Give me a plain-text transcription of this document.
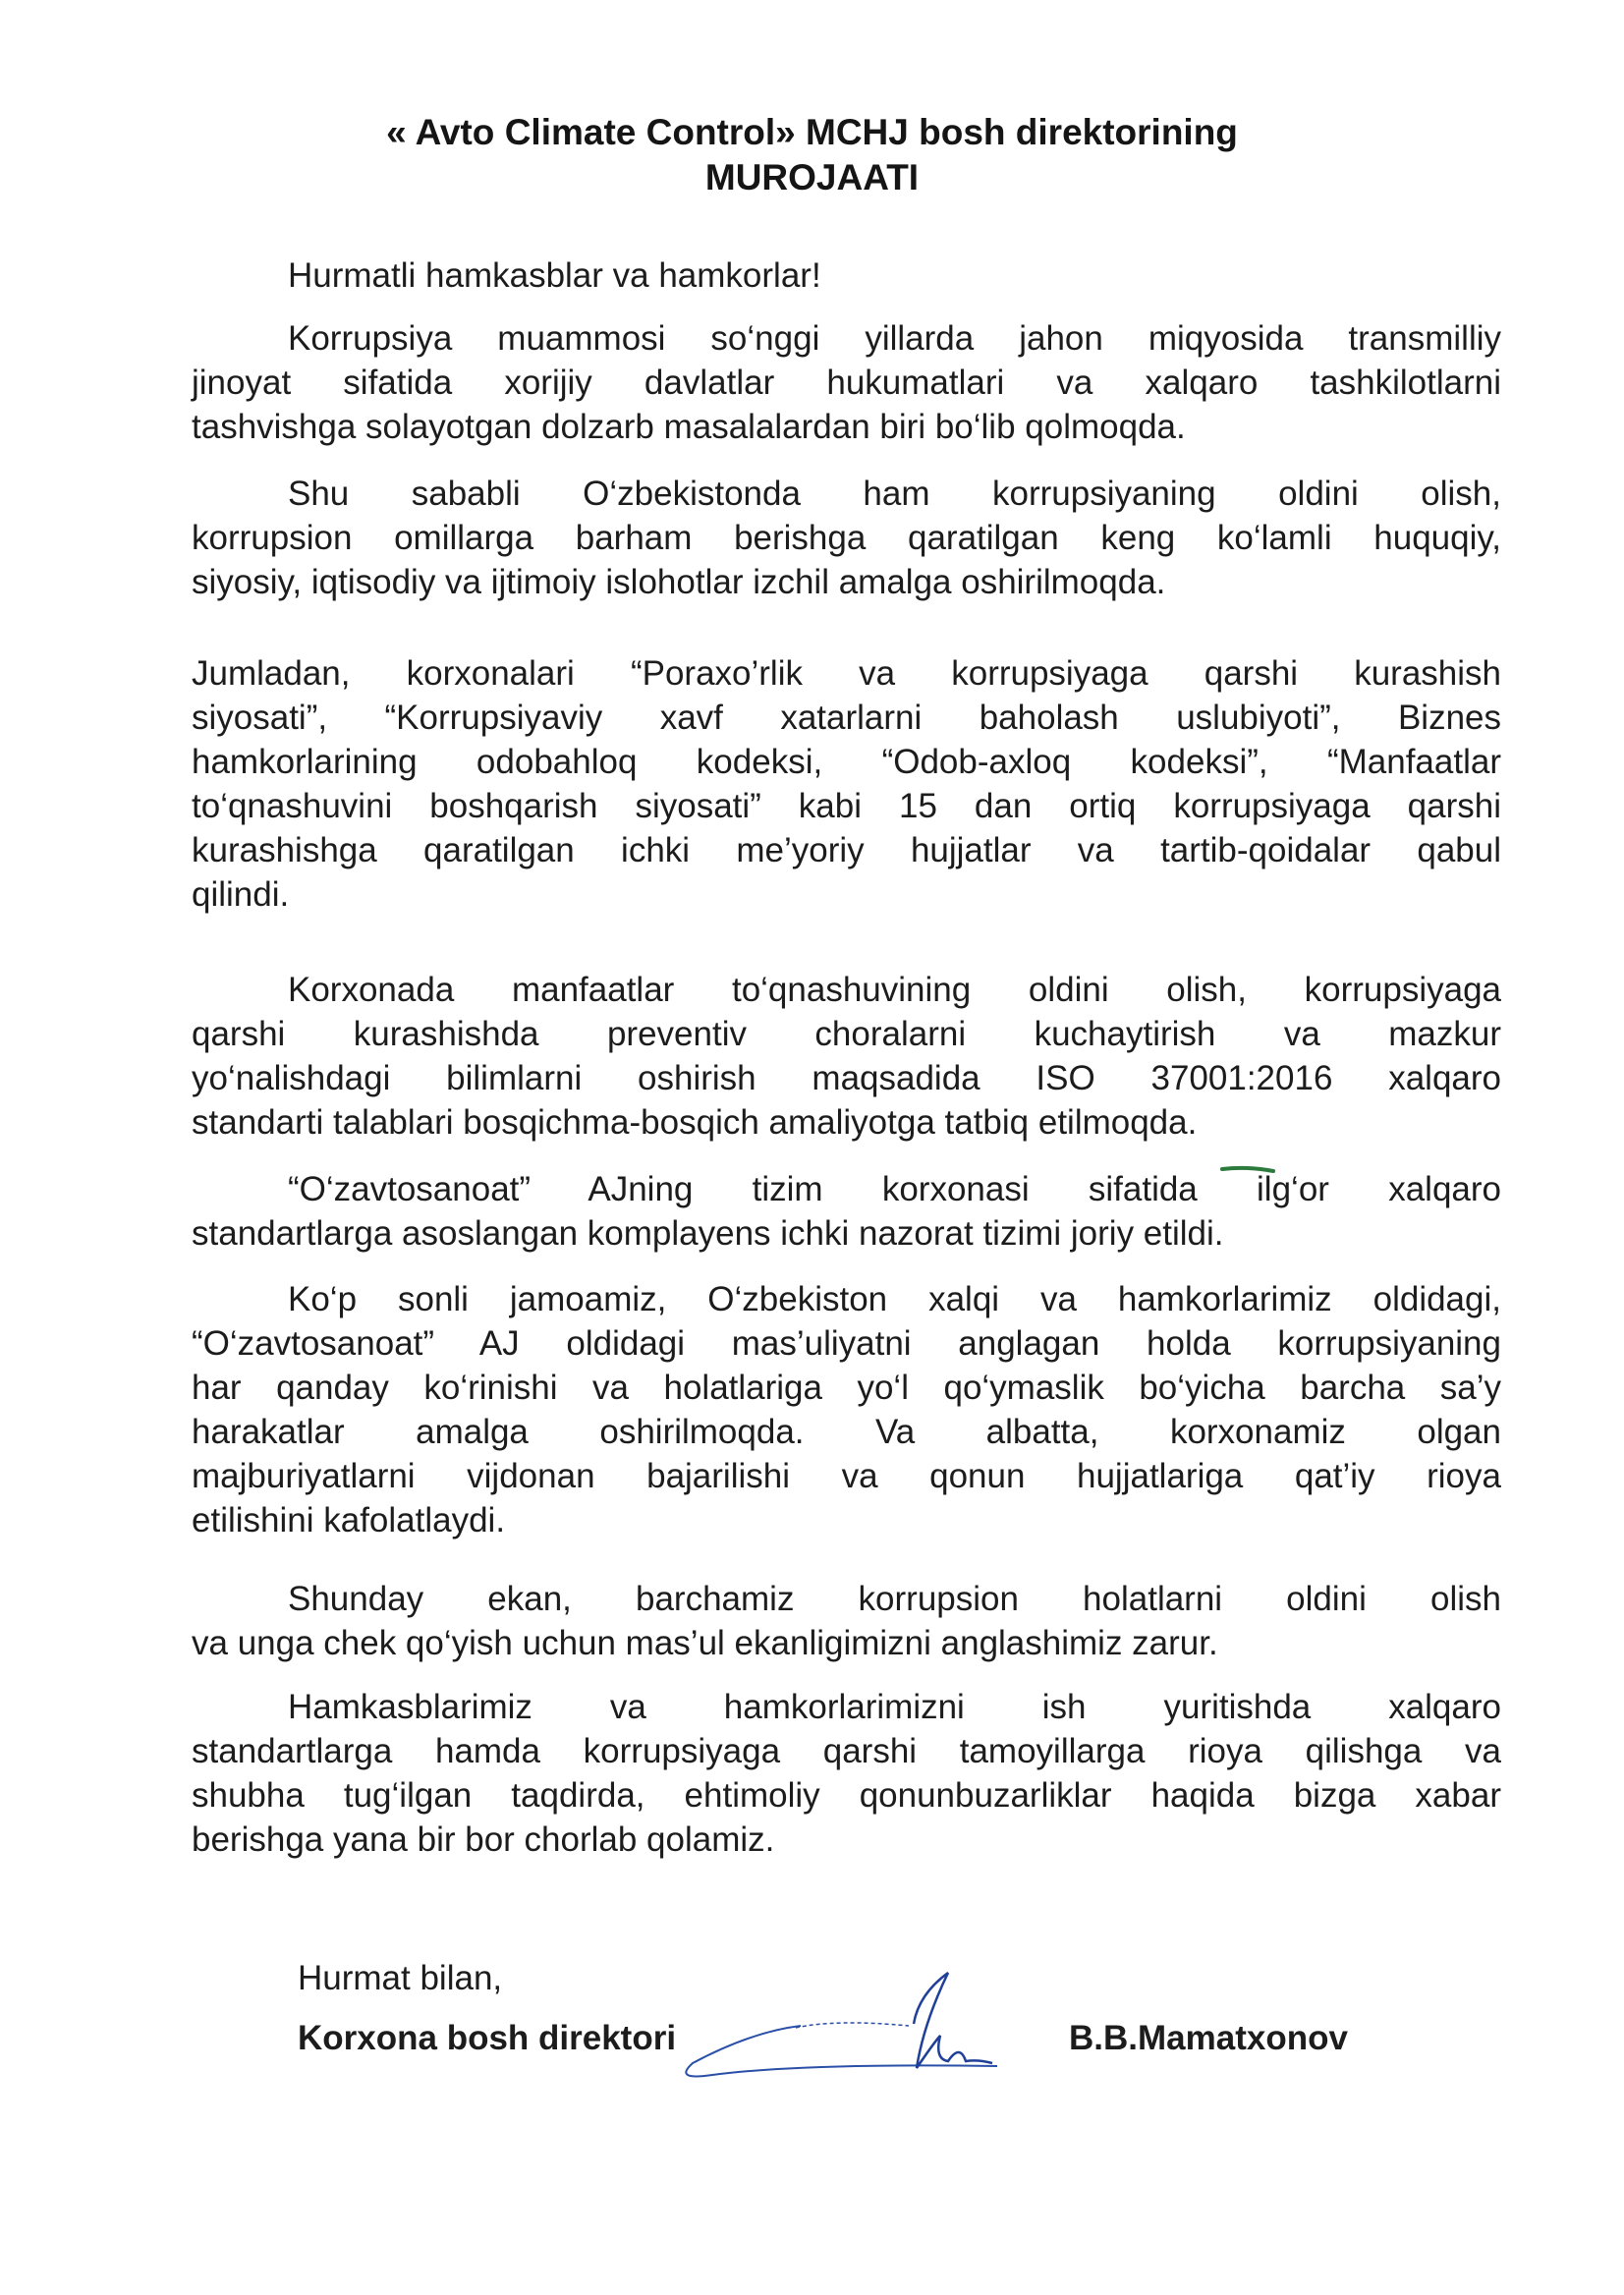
« Avto Climate Control» MCHJ bosh direktorining
MUROJAATI
Hurmatli hamkasblar va hamkorlar!
Korrupsiya muammosi so‘nggi yillarda jahon miqyosida transmilliy
jinoyat sifatida xorijiy davlatlar hukumatlari va xalqaro tashkilotlarni
tashvishga solayotgan dolzarb masalalardan biri bo‘lib qolmoqda.
Shu sababli O‘zbekistonda ham korrupsiyaning oldini olish,
korrupsion omillarga barham berishga qaratilgan keng ko‘lamli huquqiy,
siyosiy, iqtisodiy va ijtimoiy islohotlar izchil amalga oshirilmoqda.
Jumladan, korxonalari “Poraxo’rlik va korrupsiyaga qarshi kurashish
siyosati”, “Korrupsiyaviy xavf xatarlarni baholash uslubiyoti”, Biznes
hamkorlarining odobahloq kodeksi, “Odob-axloq kodeksi”, “Manfaatlar
to‘qnashuvini boshqarish siyosati” kabi 15 dan ortiq korrupsiyaga qarshi
kurashishga qaratilgan ichki me’yoriy hujjatlar va tartib-qoidalar qabul
qilindi.
Korxonada manfaatlar to‘qnashuvining oldini olish, korrupsiyaga
qarshi kurashishda preventiv choralarni kuchaytirish va mazkur
yo‘nalishdagi bilimlarni oshirish maqsadida ISO 37001:2016 xalqaro
standarti talablari bosqichma-bosqich amaliyotga tatbiq etilmoqda.
“O‘zavtosanoat” AJning tizim korxonasi sifatida ilg‘or xalqaro
standartlarga asoslangan komplayens ichki nazorat tizimi joriy etildi.
Ko‘p sonli jamoamiz, O‘zbekiston xalqi va hamkorlarimiz oldidagi,
“O‘zavtosanoat” AJ oldidagi mas’uliyatni anglagan holda korrupsiyaning
har qanday ko‘rinishi va holatlariga yo‘l qo‘ymaslik bo‘yicha barcha sa’y
harakatlar amalga oshirilmoqda. Va albatta, korxonamiz olgan
majburiyatlarni vijdonan bajarilishi va qonun hujjatlariga qat’iy rioya
etilishini kafolatlaydi.
Shunday ekan, barchamiz korrupsion holatlarni oldini olish
va unga chek qo‘yish uchun mas’ul ekanligimizni anglashimiz zarur.
Hamkasblarimiz va hamkorlarimizni ish yuritishda xalqaro
standartlarga hamda korrupsiyaga qarshi tamoyillarga rioya qilishga va
shubha tug‘ilgan taqdirda, ehtimoliy qonunbuzarliklar haqida bizga xabar
berishga yana bir bor chorlab qolamiz.
Hurmat bilan,
Korxona bosh direktori	B.B.Mamatxonov
